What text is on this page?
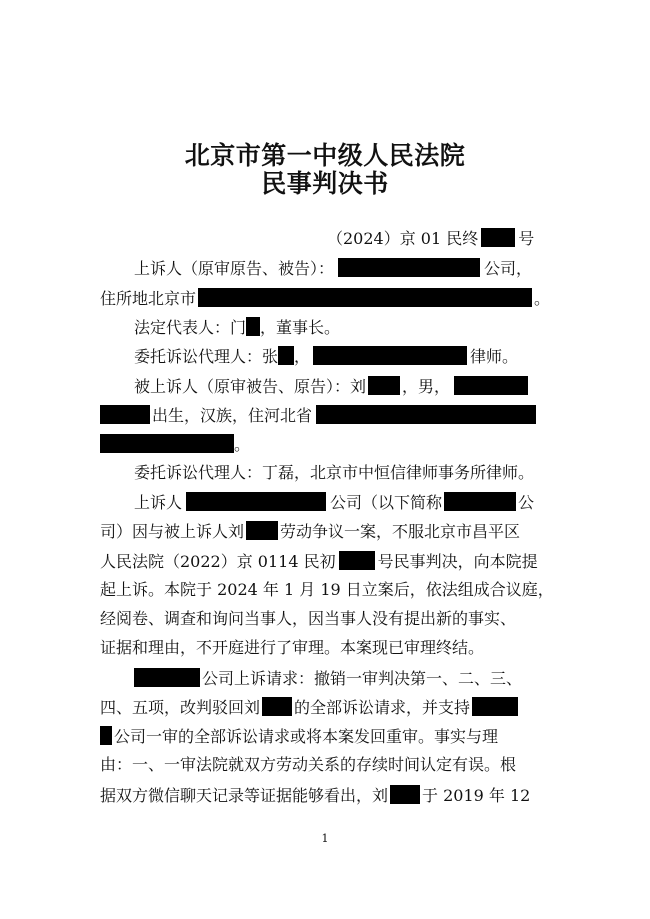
北京市第一中级人民法院
民事判决书
（2024）京 01 民终	号
上诉人（原审原告、被告）：	公司，
住所地北京市	。
法定代表人：门 ，董事长。
委托诉讼代理人：张 ，	律师。
被上诉人（原审被告、原告）：刘 ，男，
出生，汉族，住河北省
。
委托诉讼代理人：丁磊，北京市中恒信律师事务所律师。
上诉人	公司（以下简称	公
司）因与被上诉人刘 劳动争议一案，不服北京市昌平区
人民法院（2022）京 0114 民初	号民事判决，向本院提
起上诉。本院于 2024 年 1 月 19 日立案后，依法组成合议庭，
经阅卷、调查和询问当事人，因当事人没有提出新的事实、
证据和理由，不开庭进行了审理。本案现已审理终结。
公司上诉请求：撤销一审判决第一、二、三、
四、五项，改判驳回刘 的全部诉讼请求，并支持
公司一审的全部诉讼请求或将本案发回重审。事实与理
由：一、一审法院就双方劳动关系的存续时间认定有误。根
据双方微信聊天记录等证据能够看出，刘 于 2019 年 12
1
